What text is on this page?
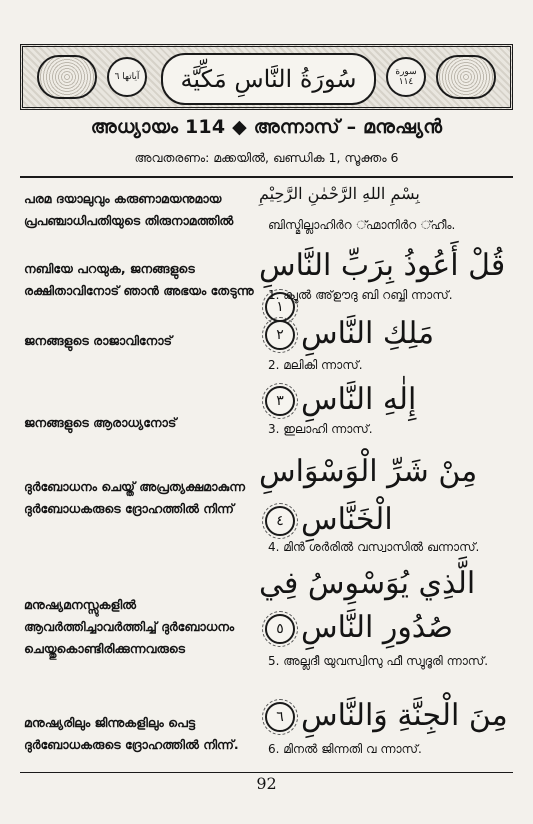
آياتها ٦	سُورَةُ النَّاسِ مَكِّيَّة	سورة ١١٤
അധ്യായം 114 ◆ അന്നാസ് – മനുഷ്യൻ
അവതരണം: മക്കയിൽ, ഖണ്ഡിക 1, സൂക്തം 6
പരമ ദയാലുവും കരുണാമയനുമായ പ്രപഞ്ചാധിപതിയുടെ തിരുനാമത്തിൽ
بِسْمِ اللهِ الرَّحْمٰنِ الرَّحِيْمِ
ബിസ്മില്ലാഹിർറ ്ഹ്മാനിർറ ്ഹീം.
നബിയേ പറയുക, ജനങ്ങളുടെ രക്ഷിതാവിനോട് ഞാൻ അഭയം തേടുന്നു
قُلْ أَعُوذُ بِرَبِّ النَّاسِ١
1. ക്വുൽ അ്ഊദു ബി റബ്ബി ന്നാസ്.
ജനങ്ങളുടെ രാജാവിനോട്	مَلِكِ النَّاسِ٢
2. മലികി ന്നാസ്.
ജനങ്ങളുടെ ആരാധ്യനോട്
إِلٰهِ النَّاسِ٣
3. ഇലാഹി ന്നാസ്.
ദുർബോധനം ചെയ്ത് അപ്രത്യക്ഷമാകുന്ന ദുർബോധകരുടെ ദ്രോഹത്തിൽ നിന്ന്
مِنْ شَرِّ الْوَسْوَاسِ الْخَنَّاسِ٤
4. മിൻ ശർരിൽ വസ്വാസിൽ ഖന്നാസ്.
മനുഷ്യമനസ്സുകളിൽ ആവർത്തിച്ചാവർത്തിച്ച് ദുർബോധനം ചെയ്തുകൊണ്ടിരിക്കുന്നവരുടെ
الَّذِي يُوَسْوِسُ فِي صُدُورِ النَّاسِ٥
5. അല്ലദീ യുവസ്വിസു ഫീ സ്വുദൂരി ന്നാസ്.
മനുഷ്യരിലും ജിന്നുകളിലും പെട്ട ദുർബോധകരുടെ ദ്രോഹത്തിൽ നിന്ന്.
مِنَ الْجِنَّةِ وَالنَّاسِ٦
6. മിനൽ ജിന്നതി വ ന്നാസ്.
92
